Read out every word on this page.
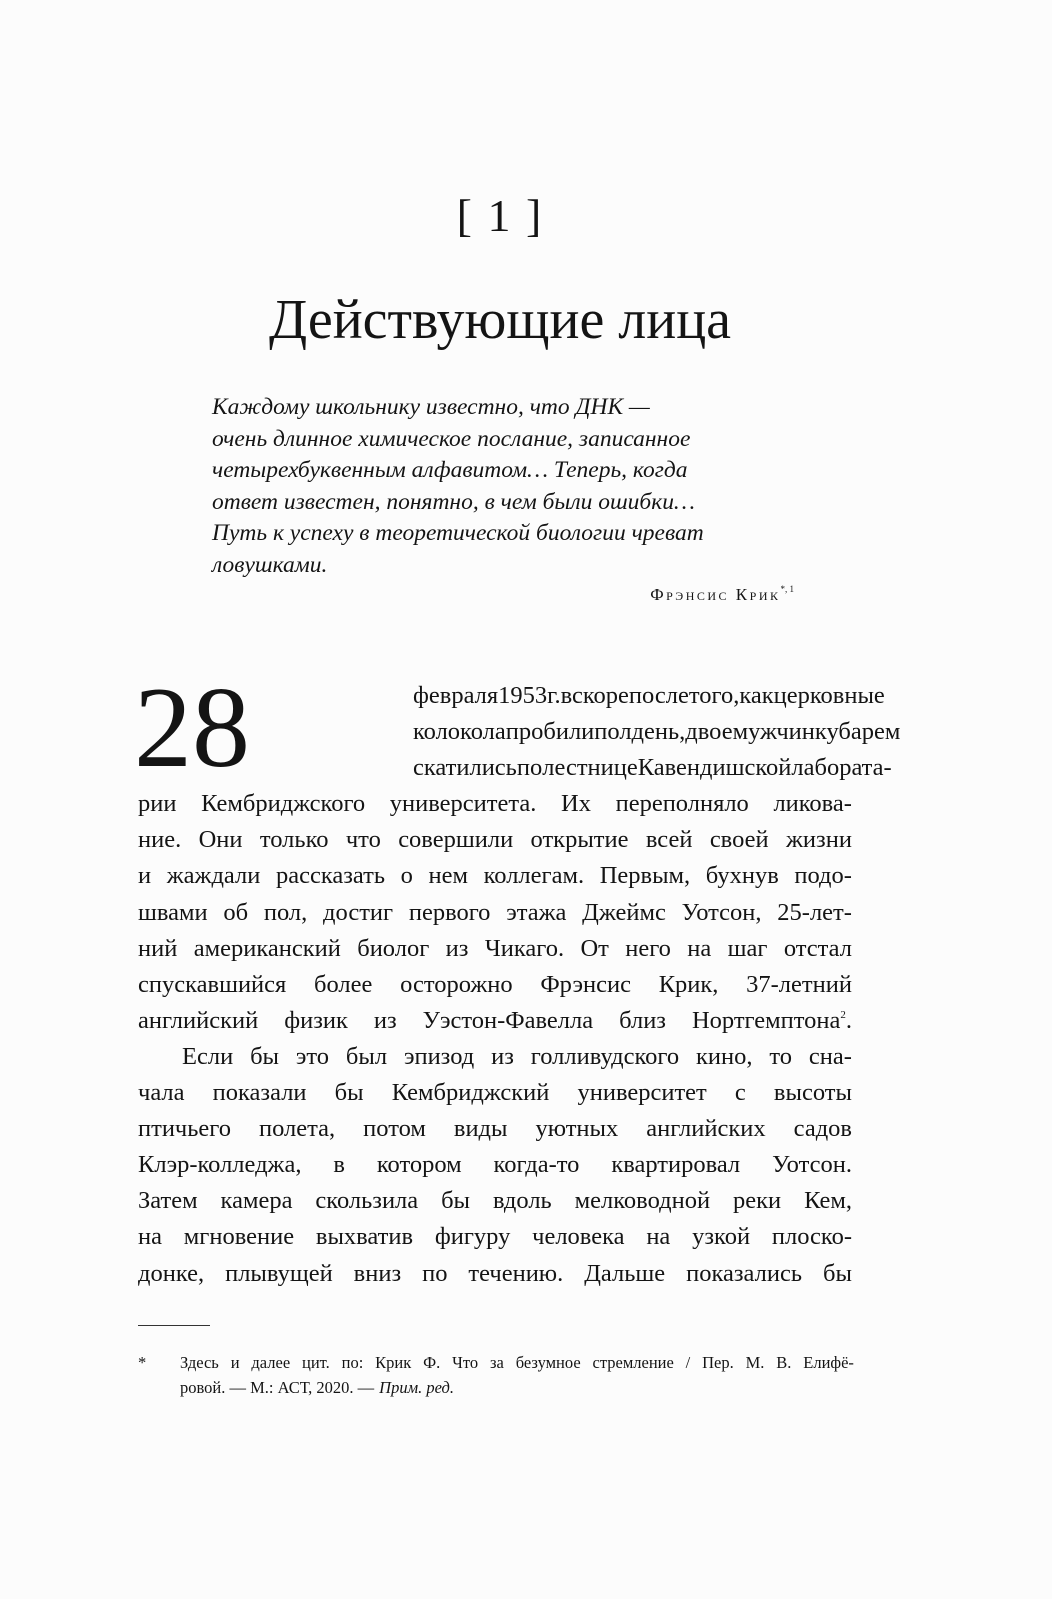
[ 1 ]
Действующие лица
Каждому школьнику известно, что ДНК —
очень длинное химическое послание, записанное
четырехбуквенным алфавитом… Теперь, когда
ответ известен, понятно, в чем были ошибки…
Путь к успеху в теоретической биологии чреват
ловушками.
Фрэнсис Крик$^{*, 1}$
28	февраля 1953 г. вскоре после того, как церковные
колокола пробили полдень, двое мужчин кубарем
скатились по лестнице Кавендишской лабората-
рии Кембриджского университета. Их переполняло ликова-
ние. Они только что совершили открытие всей своей жизни
и жаждали рассказать о нем коллегам. Первым, бухнув подо-
швами об пол, достиг первого этажа Джеймс Уотсон, 25-лет-
ний американский биолог из Чикаго. От него на шаг отстал
спускавшийся более осторожно Фрэнсис Крик, 37-летний
английский физик из Уэстон-Фавелла близ Нортгемптона$^2$.
Если бы это был эпизод из голливудского кино, то сна-
чала показали бы Кембриджский университет с высоты
птичьего полета, потом виды уютных английских садов
Клэр-колледжа, в котором когда-то квартировал Уотсон.
Затем камера скользила бы вдоль мелководной реки Кем,
на мгновение выхватив фигуру человека на узкой плоско-
донке, плывущей вниз по течению. Дальше показались бы
* Здесь и далее цит. по: Крик Ф. Что за безумное стремление / Пер. М. В. Елифё-
ровой. — М.: АСТ, 2020. — Прим. ред.
